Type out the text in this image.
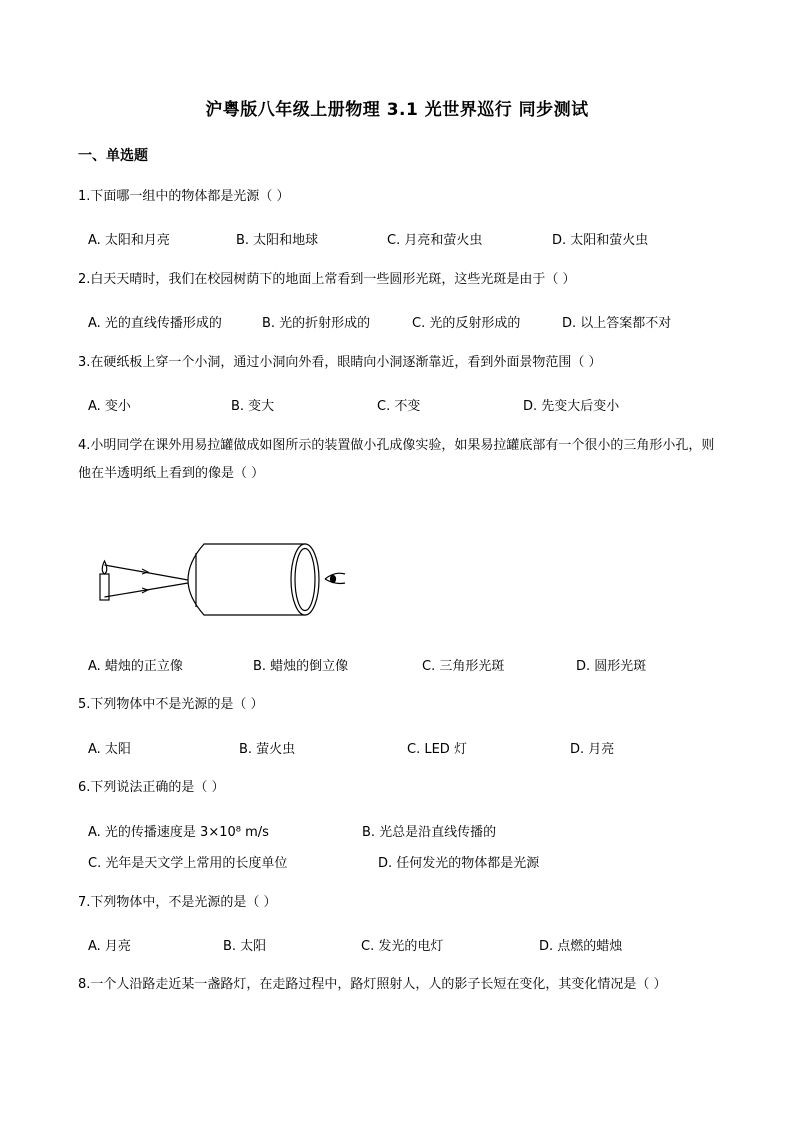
沪粤版八年级上册物理 3.1 光世界巡行 同步测试
一、单选题
1.下面哪一组中的物体都是光源（ ）
A. 太阳和月亮	B. 太阳和地球	C. 月亮和萤火虫	D. 太阳和萤火虫
2.白天天晴时，我们在校园树荫下的地面上常看到一些圆形光斑，这些光斑是由于（ ）
A. 光的直线传播形成的	B. 光的折射形成的	C. 光的反射形成的	D. 以上答案都不对
3.在硬纸板上穿一个小洞，通过小洞向外看，眼睛向小洞逐渐靠近，看到外面景物范围（ ）
A. 变小	B. 变大	C. 不变	D. 先变大后变小
4.小明同学在课外用易拉罐做成如图所示的装置做小孔成像实验，如果易拉罐底部有一个很小的三角形小孔，则他在半透明纸上看到的像是（ ）
A. 蜡烛的正立像	B. 蜡烛的倒立像	C. 三角形光斑	D. 圆形光斑
5.下列物体中不是光源的是（ ）
A. 太阳	B. 萤火虫	C. LED 灯	D. 月亮
6.下列说法正确的是（ ）
A. 光的传播速度是 3×10⁸ m/s	B. 光总是沿直线传播的
C. 光年是天文学上常用的长度单位	D. 任何发光的物体都是光源
7.下列物体中，不是光源的是（ ）
A. 月亮	B. 太阳	C. 发光的电灯	D. 点燃的蜡烛
8.一个人沿路走近某一盏路灯，在走路过程中，路灯照射人，人的影子长短在变化，其变化情况是（ ）
